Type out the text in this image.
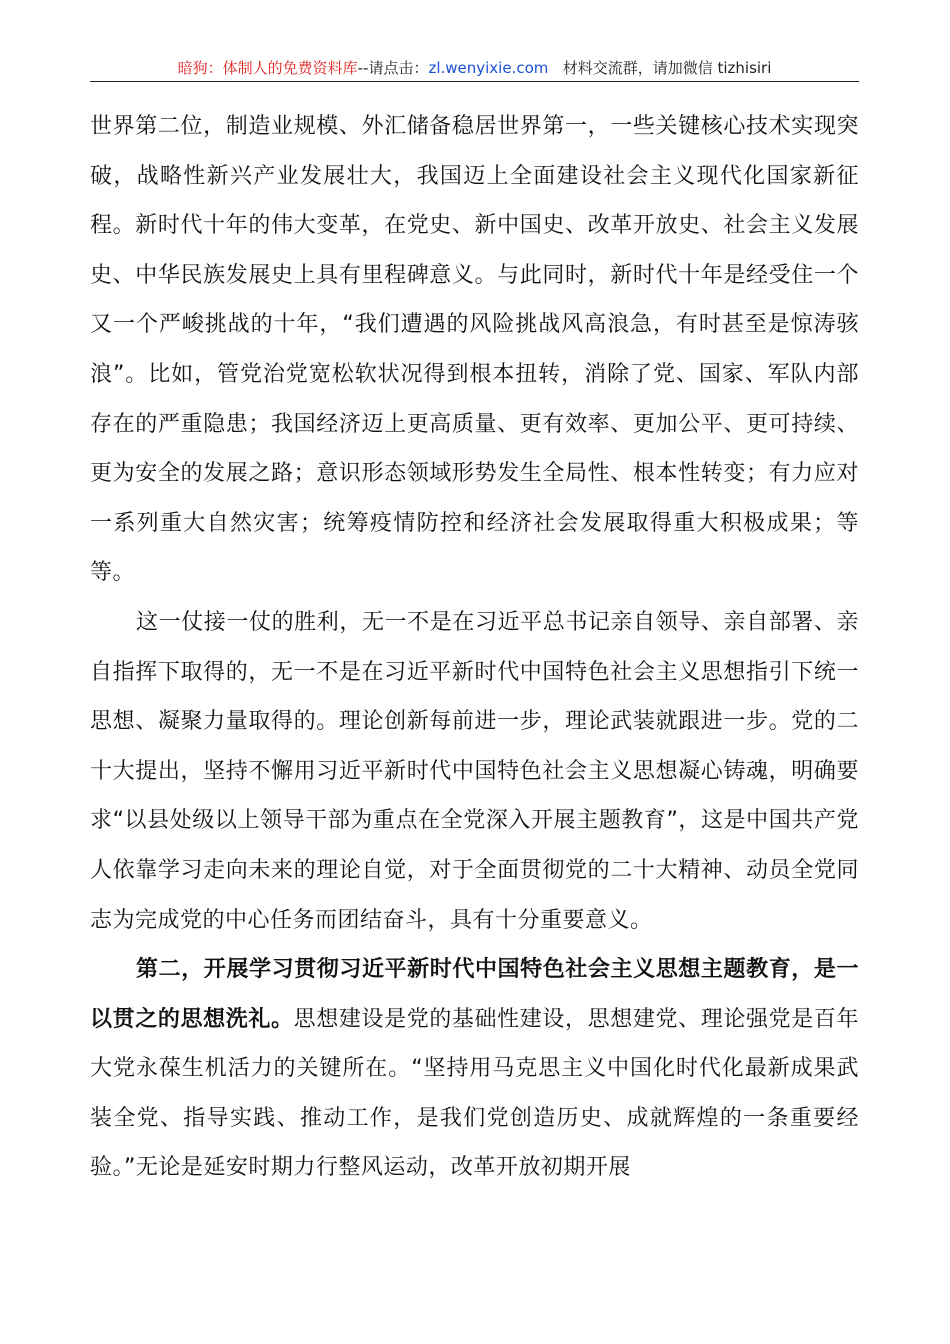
暗狗：体制人的免费资料库--请点击：zl.wenyixie.com 材料交流群，请加微信 tizhisiri

世界第二位，制造业规模、外汇储备稳居世界第一，一些关键核心技术实现突破，战略性新兴产业发展壮大，我国迈上全面建设社会主义现代化国家新征程。新时代十年的伟大变革，在党史、新中国史、改革开放史、社会主义发展史、中华民族发展史上具有里程碑意义。与此同时，新时代十年是经受住一个又一个严峻挑战的十年，“我们遭遇的风险挑战风高浪急，有时甚至是惊涛骇浪”。比如，管党治党宽松软状况得到根本扭转，消除了党、国家、军队内部存在的严重隐患；我国经济迈上更高质量、更有效率、更加公平、更可持续、更为安全的发展之路；意识形态领域形势发生全局性、根本性转变；有力应对一系列重大自然灾害；统筹疫情防控和经济社会发展取得重大积极成果；等等。

这一仗接一仗的胜利，无一不是在习近平总书记亲自领导、亲自部署、亲自指挥下取得的，无一不是在习近平新时代中国特色社会主义思想指引下统一思想、凝聚力量取得的。理论创新每前进一步，理论武装就跟进一步。党的二十大提出，坚持不懈用习近平新时代中国特色社会主义思想凝心铸魂，明确要求“以县处级以上领导干部为重点在全党深入开展主题教育”，这是中国共产党人依靠学习走向未来的理论自觉，对于全面贯彻党的二十大精神、动员全党同志为完成党的中心任务而团结奋斗，具有十分重要意义。

第二，开展学习贯彻习近平新时代中国特色社会主义思想主题教育，是一以贯之的思想洗礼。思想建设是党的基础性建设，思想建党、理论强党是百年大党永葆生机活力的关键所在。“坚持用马克思主义中国化时代化最新成果武装全党、指导实践、推动工作，是我们党创造历史、成就辉煌的一条重要经验。”无论是延安时期力行整风运动，改革开放初期开展
